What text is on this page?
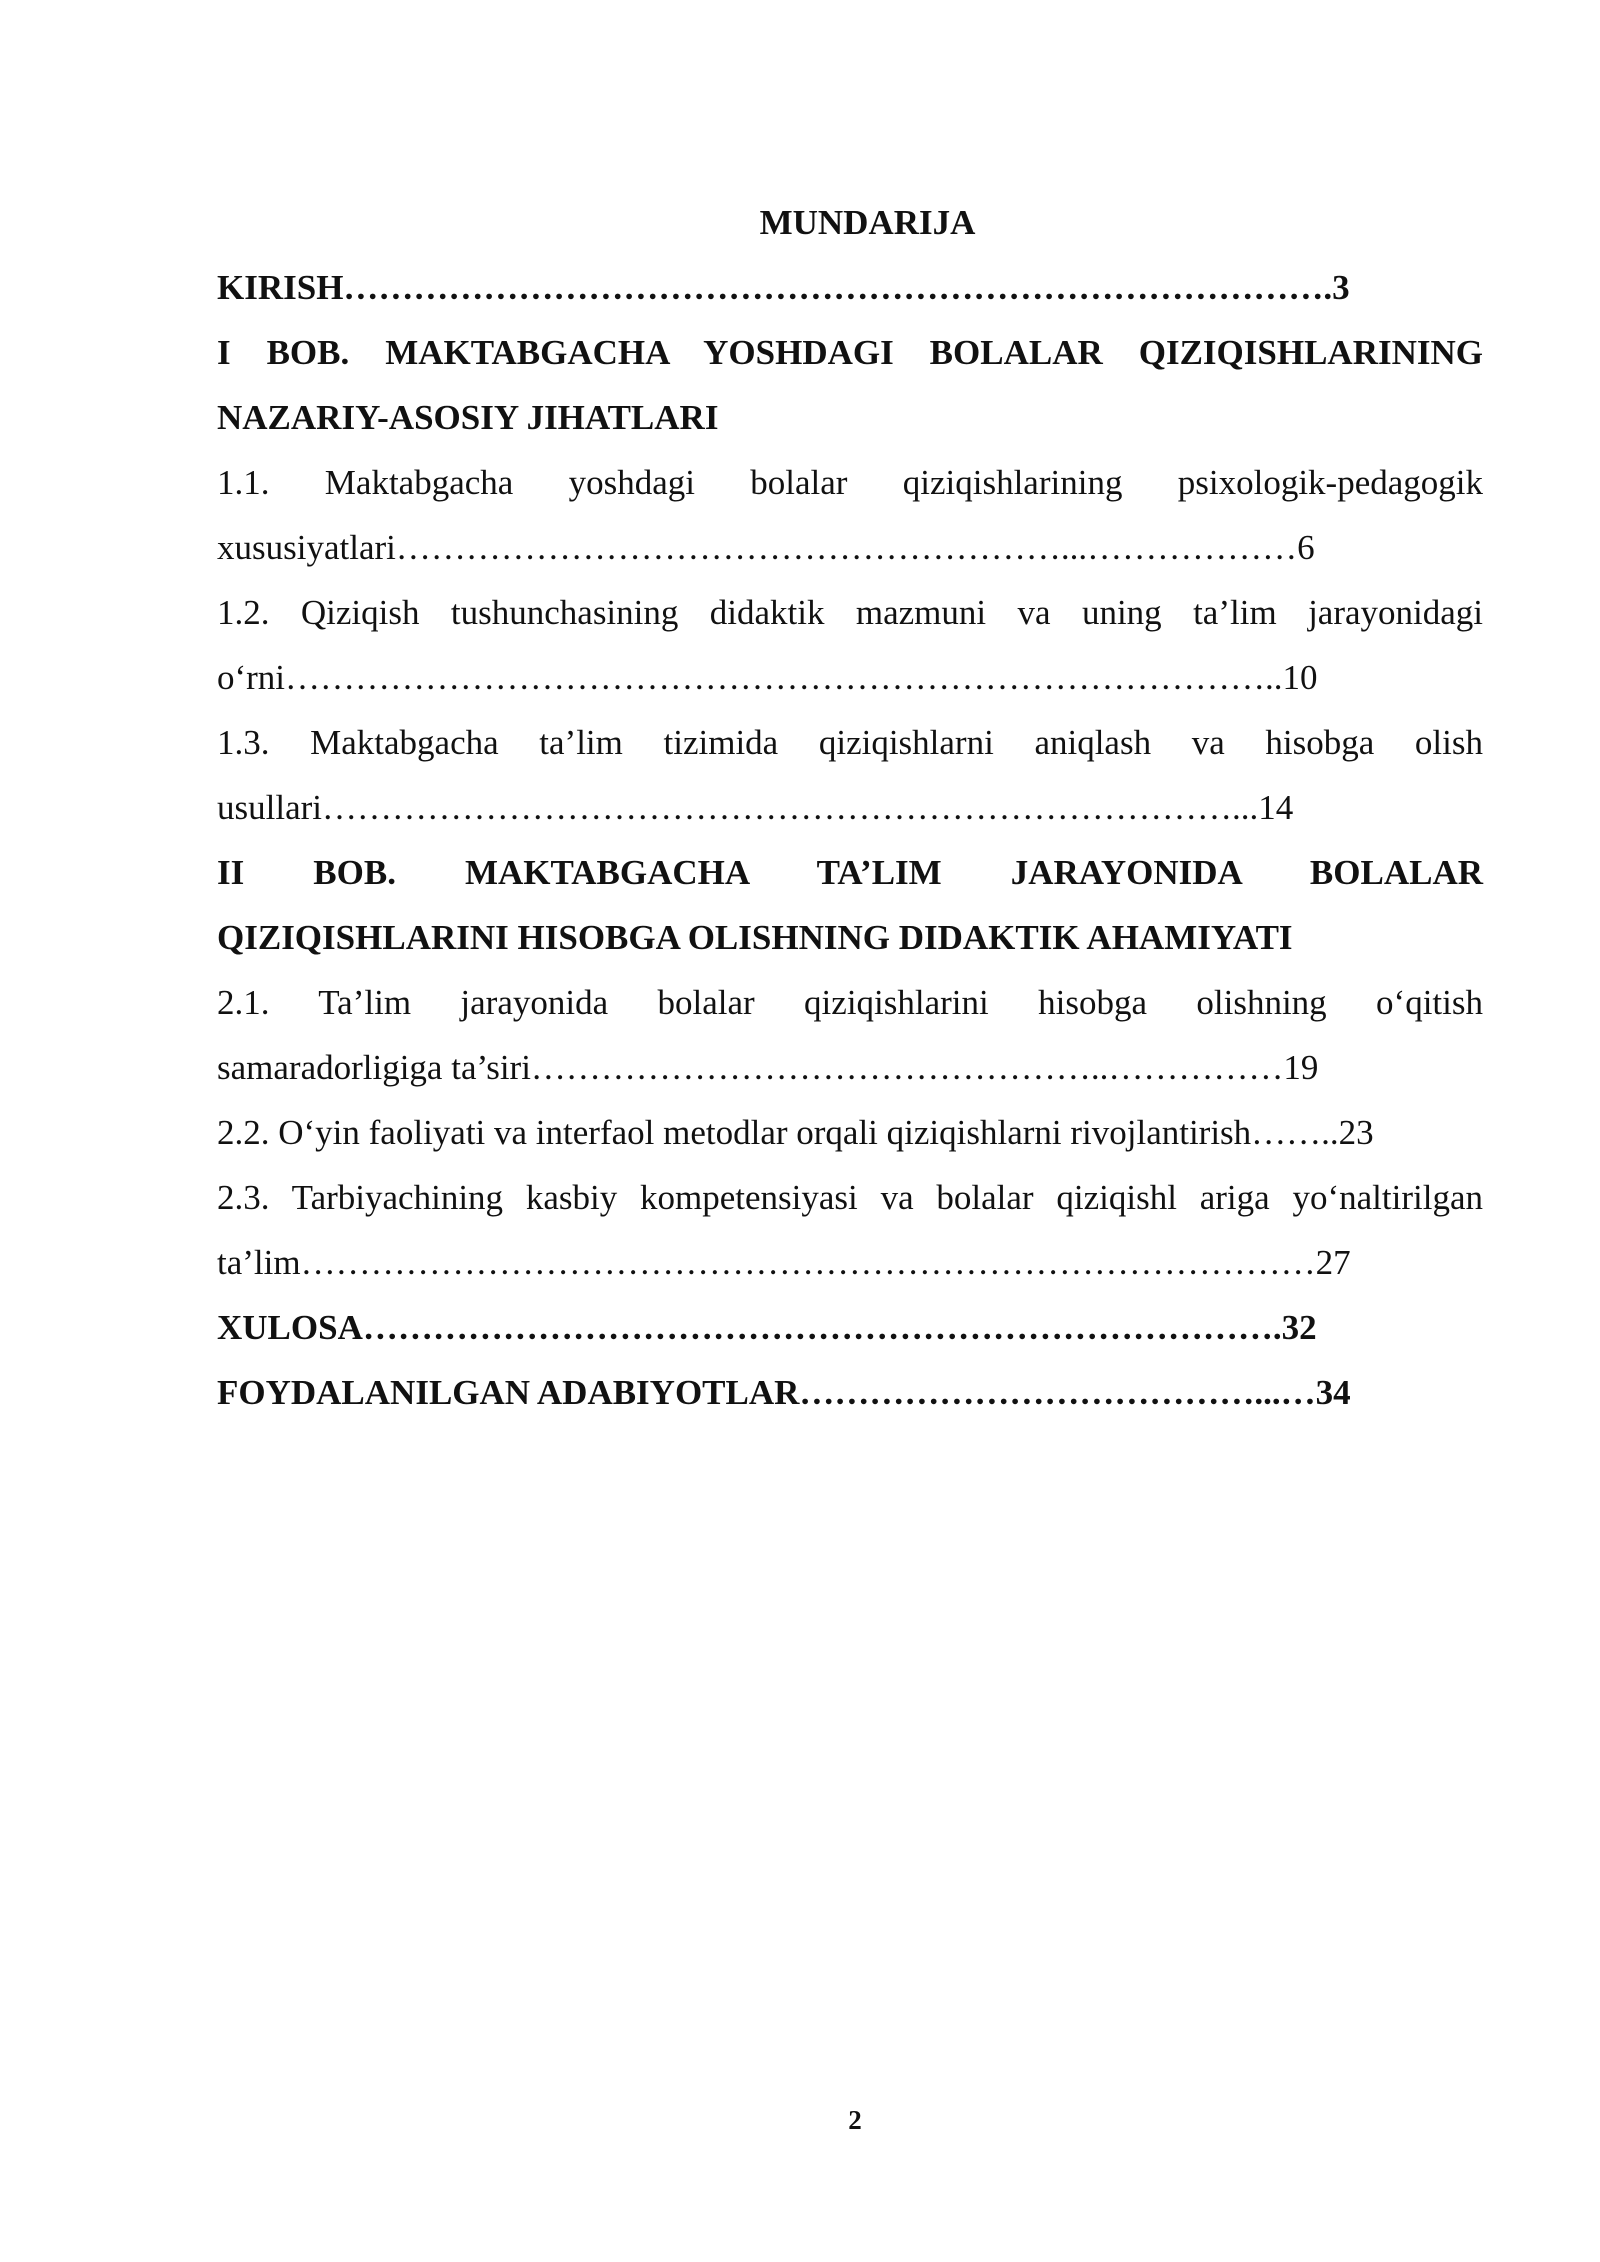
MUNDARIJA
KIRISH………………………………………………………………………….3
I BOB. MAKTABGACHA YOSHDAGI BOLALAR QIZIQISHLARINING
NAZARIY-ASOSIY JIHATLARI
1.1. Maktabgacha yoshdagi bolalar qiziqishlarining psixologik-pedagogik
xususiyatlari…………………………………………………...………………6
1.2. Qiziqish tushunchasining didaktik mazmuni va uning ta’lim jarayonidagi
o‘rni…………………………………………………………………………..10
1.3. Maktabgacha ta’lim tizimida qiziqishlarni aniqlash va hisobga olish
usullari……………………………………………………………………...14
II BOB. MAKTABGACHA TA’LIM JARAYONIDA BOLALAR
QIZIQISHLARINI HISOBGA OLISHNING DIDAKTIK AHAMIYATI
2.1. Ta’lim jarayonida bolalar qiziqishlarini hisobga olishning o‘qitish
samaradorligiga ta’siri…………………………………………..……………19
2.2. O‘yin faoliyati va interfaol metodlar orqali qiziqishlarni rivojlantirish……..23
2.3. Tarbiyachining kasbiy kompetensiyasi va bolalar qiziqishl ariga yo‘naltirilgan
ta’lim……………………………………………………………………………27
XULOSA…………………………………………………………………….32
FOYDALANILGAN ADABIYOTLAR…………………………………...…34
2
